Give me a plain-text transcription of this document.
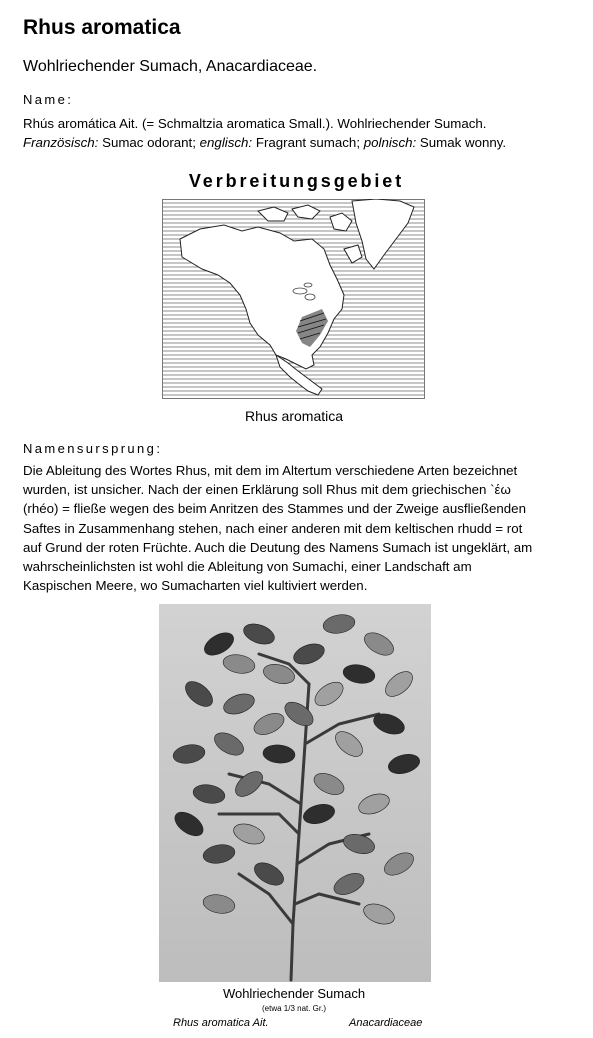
Rhus aromatica
Wohlriechender Sumach, Anacardiaceae.
Name:

Rhús aromática Ait. (= Schmaltzia aromatica Small.). Wohlriechender Sumach.

Französisch: Sumac odorant; englisch: Fragrant sumach; polnisch: Sumak wonny.

Verbreitungsgebiet
Rhus aromatica
Namensursprung:

Die Ableitung des Wortes Rhus, mit dem im Altertum verschiedene Arten bezeichnet

wurden, ist unsicher. Nach der einen Erklärung soll Rhus mit dem griechischen `έω

(rhéo) = fließe wegen des beim Anritzen des Stammes und der Zweige ausfließenden

Saftes in Zusammenhang stehen, nach einer anderen mit dem keltischen rhudd = rot

auf Grund der roten Früchte. Auch die Deutung des Namens Sumach ist ungeklärt, am

wahrscheinlichsten ist wohl die Ableitung von Sumachi, einer Landschaft am

Kaspischen Meere, wo Sumacharten viel kultiviert werden.

Wohlriechender Sumach
(etwa 1/3 nat. Gr.)
Rhus aromatica Ait.	Anacardiaceae
